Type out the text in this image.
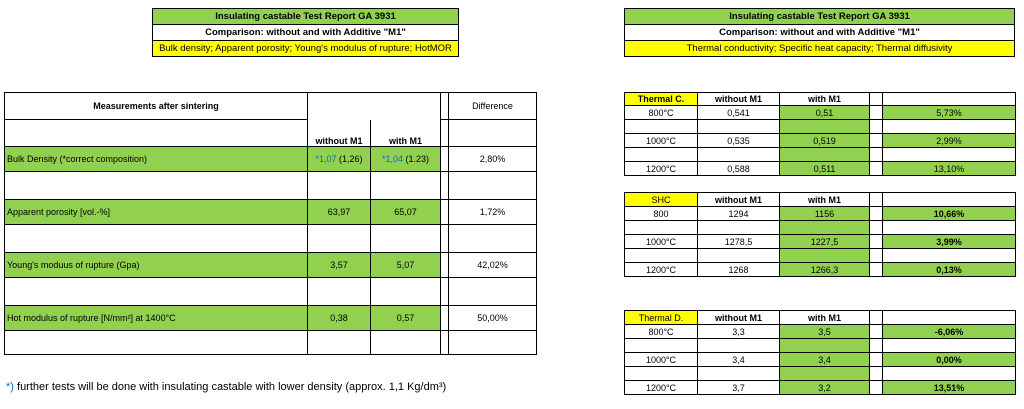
Insulating castable Test Report GA 3931
Comparison: without and with Additive "M1"
Bulk density; Apparent porosity; Young's modulus of rupture; HotMOR
Insulating castable Test Report GA 3931
Comparison: without and with Additive "M1"
Thermal conductivity; Specific heat capacity; Thermal diffusivity
Measurements after sintering				Difference
	without M1	with M1		
Bulk Density (*correct composition)	*1,07 (1,26)	*1,04 (1.23)		2,80%

Apparent porosity [vol.-%]	63,97	65,07		1,72%

Young's moduus of rupture (Gpa)	3,57	5,07		42,02%

Hot modulus of rupture [N/mm²] at 1400°C	0,38	0,57		50,00%

*) further tests will be done with insulating castable with lower density (approx. 1,1 Kg/dm³)
Thermal C.	without M1	with M1		
800°C	0,541	0,51		5,73%

1000°C	0,535	0,519		2,99%

1200°C	0,588	0,511		13,10%
SHC	without M1	with M1		
800	1294	1156		10,66%

1000°C	1278,5	1227,5		3,99%

1200°C	1268	1266,3		0,13%
Thermal D.	without M1	with M1		
800°C	3,3	3,5		-6,06%

1000°C	3,4	3,4		0,00%

1200°C	3,7	3,2		13,51%
